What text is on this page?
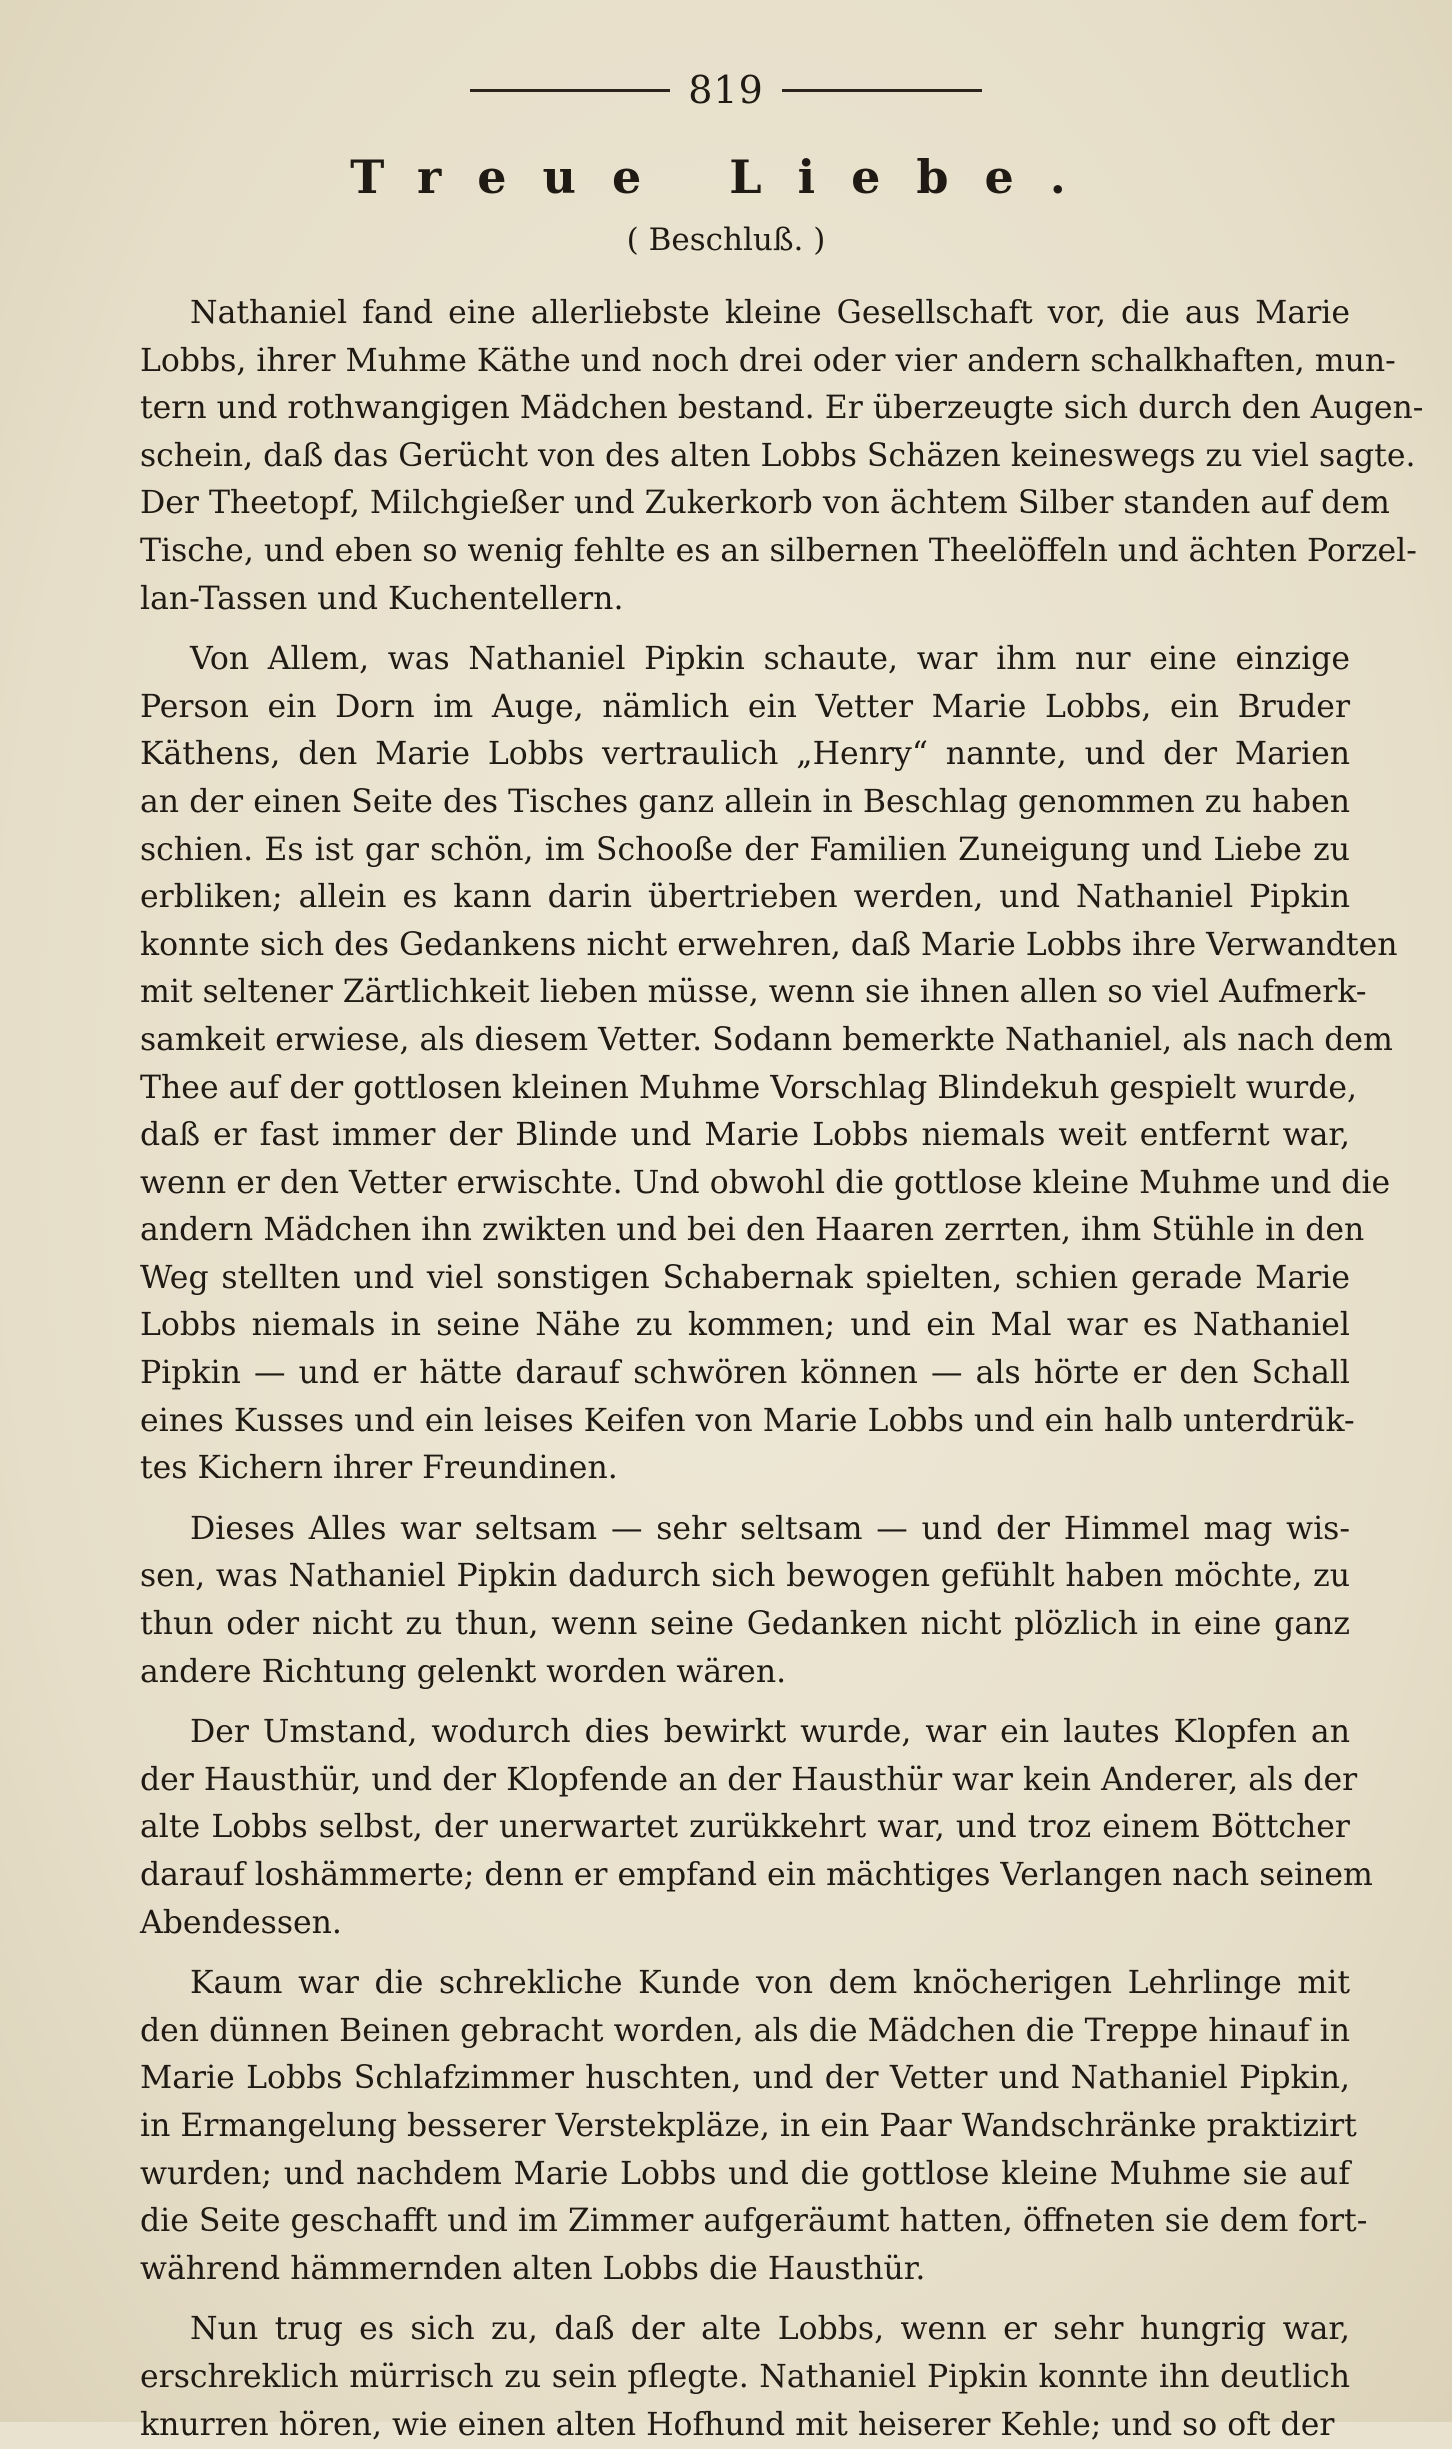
819
Treue Liebe.
( Beschluß. )
Nathaniel fand eine allerliebste kleine Gesellschaft vor, die aus Marie
Lobbs, ihrer Muhme Käthe und noch drei oder vier andern schalkhaften, mun-
tern und rothwangigen Mädchen bestand. Er überzeugte sich durch den Augen-
schein, daß das Gerücht von des alten Lobbs Schäzen keineswegs zu viel sagte.
Der Theetopf, Milchgießer und Zukerkorb von ächtem Silber standen auf dem
Tische, und eben so wenig fehlte es an silbernen Theelöffeln und ächten Porzel-
lan-Tassen und Kuchentellern.
Von Allem, was Nathaniel Pipkin schaute, war ihm nur eine einzige
Person ein Dorn im Auge, nämlich ein Vetter Marie Lobbs, ein Bruder
Käthens, den Marie Lobbs vertraulich „Henry“ nannte, und der Marien
an der einen Seite des Tisches ganz allein in Beschlag genommen zu haben
schien. Es ist gar schön, im Schooße der Familien Zuneigung und Liebe zu
erbliken; allein es kann darin übertrieben werden, und Nathaniel Pipkin
konnte sich des Gedankens nicht erwehren, daß Marie Lobbs ihre Verwandten
mit seltener Zärtlichkeit lieben müsse, wenn sie ihnen allen so viel Aufmerk-
samkeit erwiese, als diesem Vetter. Sodann bemerkte Nathaniel, als nach dem
Thee auf der gottlosen kleinen Muhme Vorschlag Blindekuh gespielt wurde,
daß er fast immer der Blinde und Marie Lobbs niemals weit entfernt war,
wenn er den Vetter erwischte. Und obwohl die gottlose kleine Muhme und die
andern Mädchen ihn zwikten und bei den Haaren zerrten, ihm Stühle in den
Weg stellten und viel sonstigen Schabernak spielten, schien gerade Marie
Lobbs niemals in seine Nähe zu kommen; und ein Mal war es Nathaniel
Pipkin — und er hätte darauf schwören können — als hörte er den Schall
eines Kusses und ein leises Keifen von Marie Lobbs und ein halb unterdrük-
tes Kichern ihrer Freundinen.
Dieses Alles war seltsam — sehr seltsam — und der Himmel mag wis-
sen, was Nathaniel Pipkin dadurch sich bewogen gefühlt haben möchte, zu
thun oder nicht zu thun, wenn seine Gedanken nicht plözlich in eine ganz
andere Richtung gelenkt worden wären.
Der Umstand, wodurch dies bewirkt wurde, war ein lautes Klopfen an
der Hausthür, und der Klopfende an der Hausthür war kein Anderer, als der
alte Lobbs selbst, der unerwartet zurükkehrt war, und troz einem Böttcher
darauf loshämmerte; denn er empfand ein mächtiges Verlangen nach seinem
Abendessen.
Kaum war die schrekliche Kunde von dem knöcherigen Lehrlinge mit
den dünnen Beinen gebracht worden, als die Mädchen die Treppe hinauf in
Marie Lobbs Schlafzimmer huschten, und der Vetter und Nathaniel Pipkin,
in Ermangelung besserer Verstekpläze, in ein Paar Wandschränke praktizirt
wurden; und nachdem Marie Lobbs und die gottlose kleine Muhme sie auf
die Seite geschafft und im Zimmer aufgeräumt hatten, öffneten sie dem fort-
während hämmernden alten Lobbs die Hausthür.
Nun trug es sich zu, daß der alte Lobbs, wenn er sehr hungrig war,
erschreklich mürrisch zu sein pflegte. Nathaniel Pipkin konnte ihn deutlich
knurren hören, wie einen alten Hofhund mit heiserer Kehle; und so oft der
